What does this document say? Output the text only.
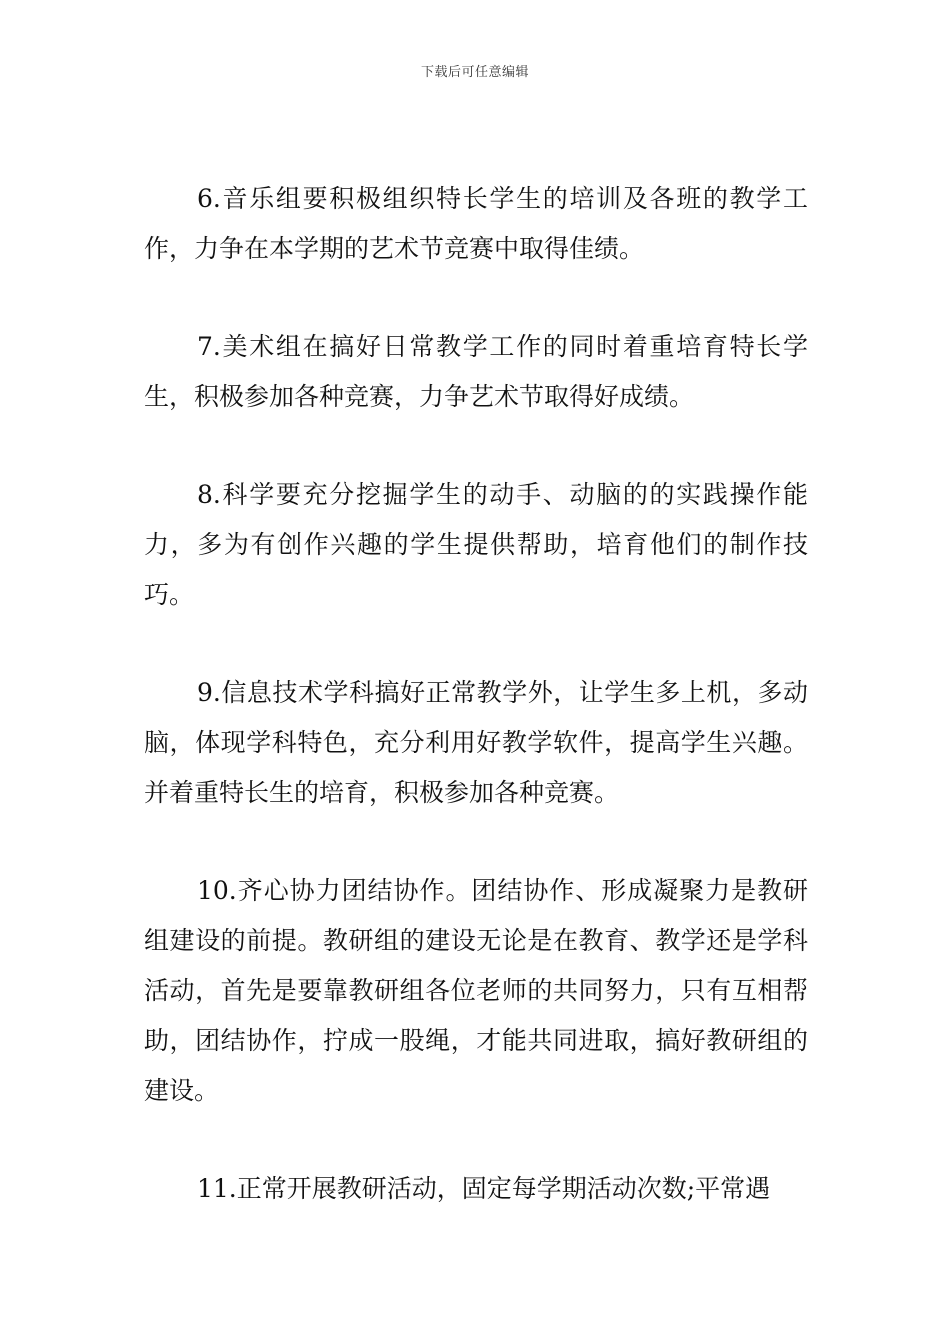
下载后可任意编辑

6.音乐组要积极组织特长学生的培训及各班的教学工作，力争在本学期的艺术节竞赛中取得佳绩。

7.美术组在搞好日常教学工作的同时着重培育特长学生，积极参加各种竞赛，力争艺术节取得好成绩。

8.科学要充分挖掘学生的动手、动脑的的实践操作能力，多为有创作兴趣的学生提供帮助，培育他们的制作技巧。

9.信息技术学科搞好正常教学外，让学生多上机，多动脑，体现学科特色，充分利用好教学软件，提高学生兴趣。并着重特长生的培育，积极参加各种竞赛。

10.齐心协力团结协作。团结协作、形成凝聚力是教研组建设的前提。教研组的建设无论是在教育、教学还是学科活动，首先是要靠教研组各位老师的共同努力，只有互相帮助，团结协作，拧成一股绳，才能共同进取，搞好教研组的建设。

11.正常开展教研活动，固定每学期活动次数;平常遇
